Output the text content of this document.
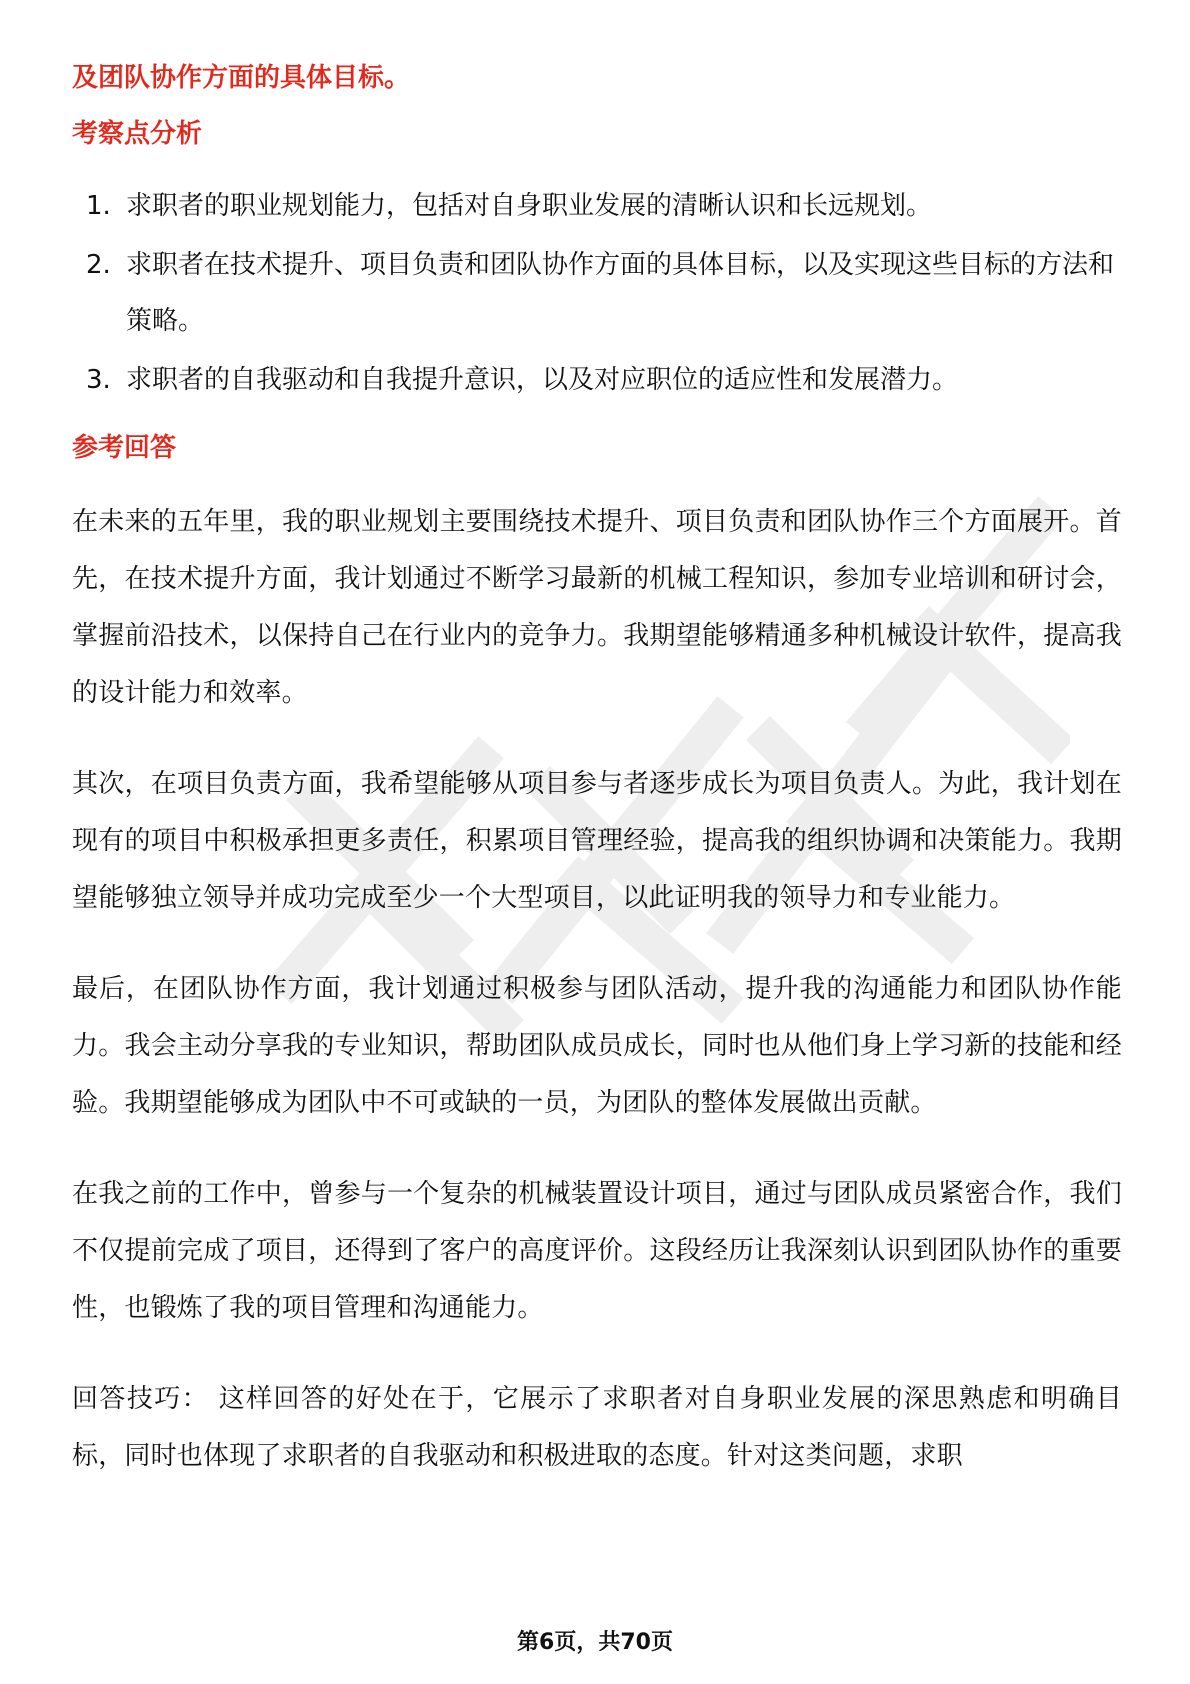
及团队协作方面的具体目标。
考察点分析
1. 求职者的职业规划能力，包括对自身职业发展的清晰认识和长远规划。
2. 求职者在技术提升、项目负责和团队协作方面的具体目标，以及实现这些目标的方法和策略。
3. 求职者的自我驱动和自我提升意识，以及对应职位的适应性和发展潜力。
参考回答

在未来的五年里，我的职业规划主要围绕技术提升、项目负责和团队协作三个方面展开。首先，在技术提升方面，我计划通过不断学习最新的机械工程知识，参加专业培训和研讨会，掌握前沿技术，以保持自己在行业内的竞争力。我期望能够精通多种机械设计软件，提高我的设计能力和效率。

其次，在项目负责方面，我希望能够从项目参与者逐步成长为项目负责人。为此，我计划在现有的项目中积极承担更多责任，积累项目管理经验，提高我的组织协调和决策能力。我期望能够独立领导并成功完成至少一个大型项目，以此证明我的领导力和专业能力。

最后，在团队协作方面，我计划通过积极参与团队活动，提升我的沟通能力和团队协作能力。我会主动分享我的专业知识，帮助团队成员成长，同时也从他们身上学习新的技能和经验。我期望能够成为团队中不可或缺的一员，为团队的整体发展做出贡献。

在我之前的工作中，曾参与一个复杂的机械装置设计项目，通过与团队成员紧密合作，我们不仅提前完成了项目，还得到了客户的高度评价。这段经历让我深刻认识到团队协作的重要性，也锻炼了我的项目管理和沟通能力。

回答技巧： 这样回答的好处在于，它展示了求职者对自身职业发展的深思熟虑和明确目标，同时也体现了求职者的自我驱动和积极进取的态度。针对这类问题，求职

第6页，共70页
